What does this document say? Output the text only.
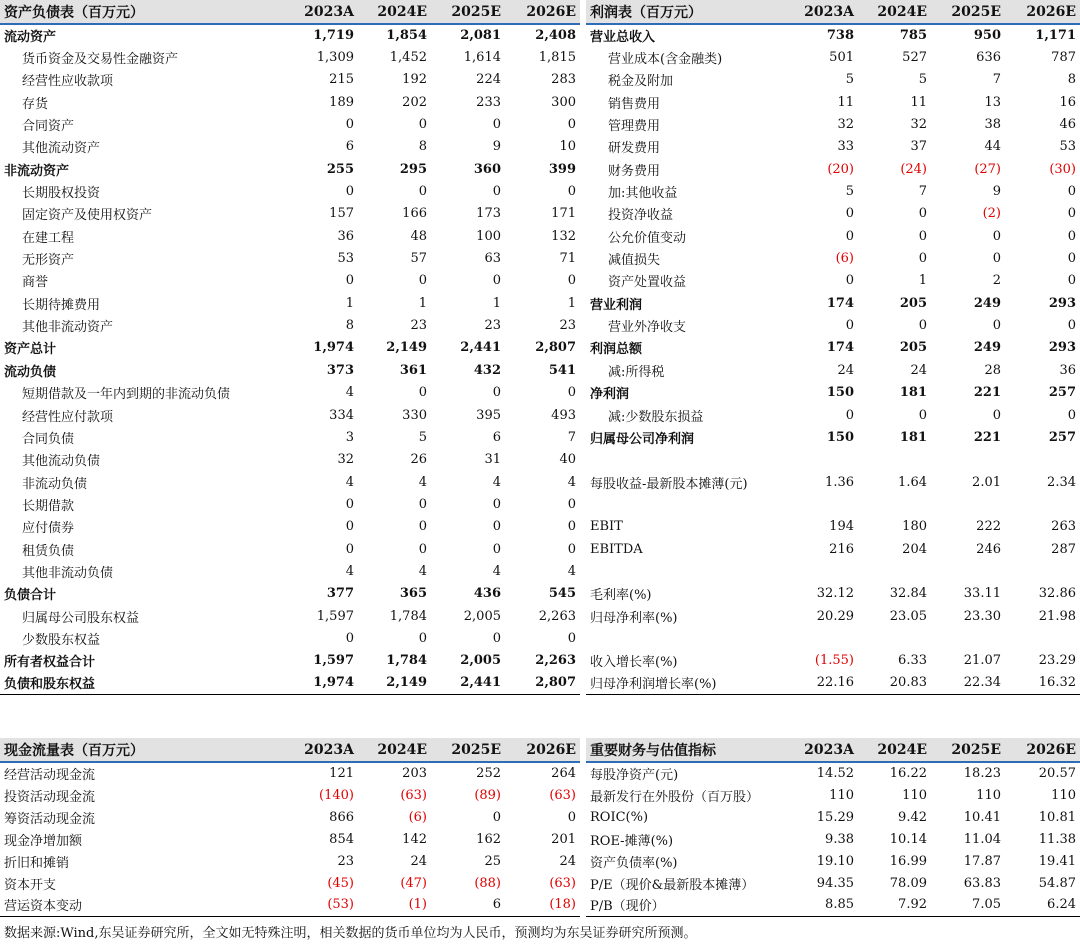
资产负债表（百万元）	2023A	2024E	2025E	2026E
流动资产	1,719	1,854	2,081	2,408
货币资金及交易性金融资产	1,309	1,452	1,614	1,815
经营性应收款项	215	192	224	283
存货	189	202	233	300
合同资产	0	0	0	0
其他流动资产	6	8	9	10
非流动资产	255	295	360	399
长期股权投资	0	0	0	0
固定资产及使用权资产	157	166	173	171
在建工程	36	48	100	132
无形资产	53	57	63	71
商誉	0	0	0	0
长期待摊费用	1	1	1	1
其他非流动资产	8	23	23	23
资产总计	1,974	2,149	2,441	2,807
流动负债	373	361	432	541
短期借款及一年内到期的非流动负债	4	0	0	0
经营性应付款项	334	330	395	493
合同负债	3	5	6	7
其他流动负债	32	26	31	40
非流动负债	4	4	4	4
长期借款	0	0	0	0
应付债券	0	0	0	0
租赁负债	0	0	0	0
其他非流动负债	4	4	4	4
负债合计	377	365	436	545
归属母公司股东权益	1,597	1,784	2,005	2,263
少数股东权益	0	0	0	0
所有者权益合计	1,597	1,784	2,005	2,263
负债和股东权益	1,974	2,149	2,441	2,807
利润表（百万元）	2023A	2024E	2025E	2026E
营业总收入	738	785	950	1,171
营业成本(含金融类)	501	527	636	787
税金及附加	5	5	7	8
销售费用	11	11	13	16
管理费用	32	32	38	46
研发费用	33	37	44	53
财务费用	(20)	(24)	(27)	(30)
加:其他收益	5	7	9	0
投资净收益	0	0	(2)	0
公允价值变动	0	0	0	0
减值损失	(6)	0	0	0
资产处置收益	0	1	2	0
营业利润	174	205	249	293
营业外净收支	0	0	0	0
利润总额	174	205	249	293
减:所得税	24	24	28	36
净利润	150	181	221	257
减:少数股东损益	0	0	0	0
归属母公司净利润	150	181	221	257

每股收益-最新股本摊薄(元)	1.36	1.64	2.01	2.34

EBIT	194	180	222	263
EBITDA	216	204	246	287

毛利率(%)	32.12	32.84	33.11	32.86
归母净利率(%)	20.29	23.05	23.30	21.98

收入增长率(%)	(1.55)	6.33	21.07	23.29
归母净利润增长率(%)	22.16	20.83	22.34	16.32
现金流量表（百万元）	2023A	2024E	2025E	2026E
经营活动现金流	121	203	252	264
投资活动现金流	(140)	(63)	(89)	(63)
筹资活动现金流	866	(6)	0	0
现金净增加额	854	142	162	201
折旧和摊销	23	24	25	24
资本开支	(45)	(47)	(88)	(63)
营运资本变动	(53)	(1)	6	(18)
重要财务与估值指标	2023A	2024E	2025E	2026E
每股净资产(元)	14.52	16.22	18.23	20.57
最新发行在外股份（百万股）	110	110	110	110
ROIC(%)	15.29	9.42	10.41	10.81
ROE-摊薄(%)	9.38	10.14	11.04	11.38
资产负债率(%)	19.10	16.99	17.87	19.41
P/E（现价&最新股本摊薄）	94.35	78.09	63.83	54.87
P/B（现价）	8.85	7.92	7.05	6.24
数据来源:Wind,东吴证券研究所，全文如无特殊注明，相关数据的货币单位均为人民币，预测均为东吴证券研究所预测。
